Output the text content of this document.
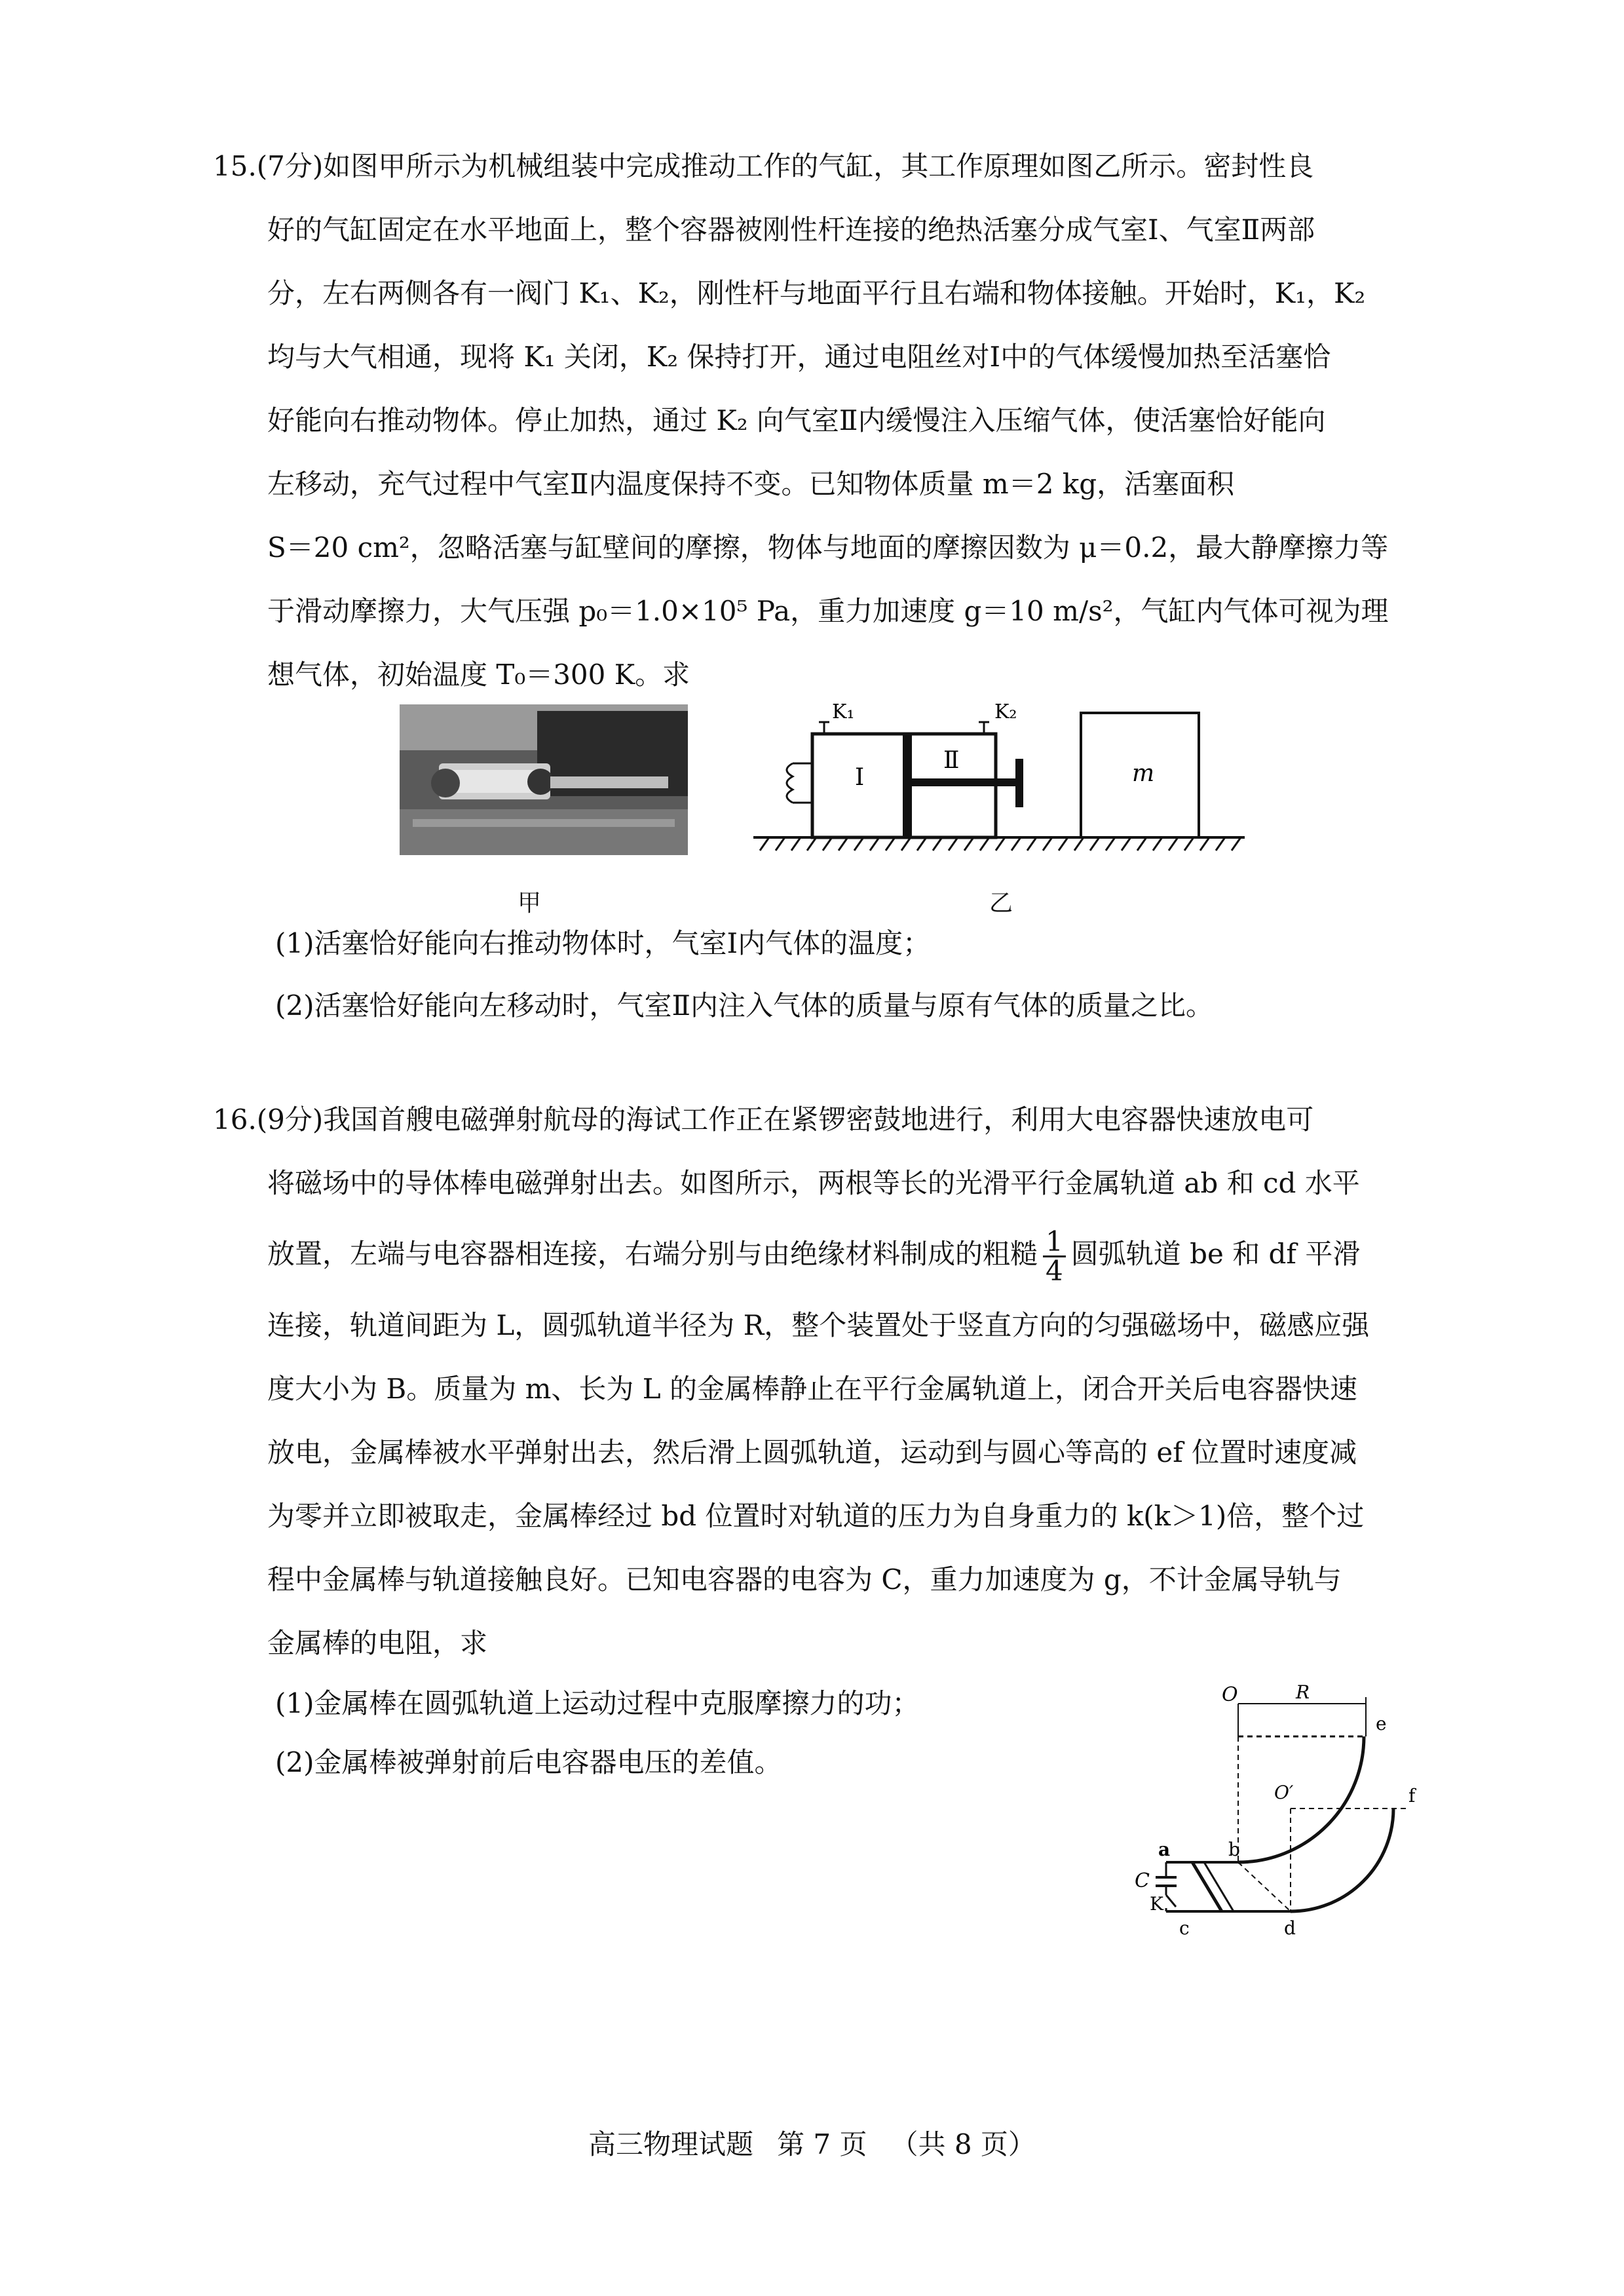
15.(7分)如图甲所示为机械组装中完成推动工作的气缸，其工作原理如图乙所示。密封性良
好的气缸固定在水平地面上，整个容器被刚性杆连接的绝热活塞分成气室Ⅰ、气室Ⅱ两部
分，左右两侧各有一阀门 K₁、K₂，刚性杆与地面平行且右端和物体接触。开始时，K₁，K₂
均与大气相通，现将 K₁ 关闭，K₂ 保持打开，通过电阻丝对Ⅰ中的气体缓慢加热至活塞恰
好能向右推动物体。停止加热，通过 K₂ 向气室Ⅱ内缓慢注入压缩气体，使活塞恰好能向
左移动，充气过程中气室Ⅱ内温度保持不变。已知物体质量 m＝2 kg，活塞面积
S＝20 cm²，忽略活塞与缸壁间的摩擦，物体与地面的摩擦因数为 μ＝0.2，最大静摩擦力等
于滑动摩擦力，大气压强 p₀＝1.0×10⁵ Pa，重力加速度 g＝10 m/s²，气缸内气体可视为理
想气体，初始温度 T₀＝300 K。求
甲
K₁	K₂
Ⅰ
Ⅱ	m
乙
(1)活塞恰好能向右推动物体时，气室Ⅰ内气体的温度；
(2)活塞恰好能向左移动时，气室Ⅱ内注入气体的质量与原有气体的质量之比。
16.(9分)我国首艘电磁弹射航母的海试工作正在紧锣密鼓地进行，利用大电容器快速放电可
将磁场中的导体棒电磁弹射出去。如图所示，两根等长的光滑平行金属轨道 ab 和 cd 水平
放置，左端与电容器相连接，右端分别与由绝缘材料制成的粗糙 $\frac{1}{4}$ 圆弧轨道 be 和 df 平滑
连接，轨道间距为 L，圆弧轨道半径为 R，整个装置处于竖直方向的匀强磁场中，磁感应强
度大小为 B。质量为 m、长为 L 的金属棒静止在平行金属轨道上，闭合开关后电容器快速
放电，金属棒被水平弹射出去，然后滑上圆弧轨道，运动到与圆心等高的 ef 位置时速度减
为零并立即被取走，金属棒经过 bd 位置时对轨道的压力为自身重力的 k(k＞1)倍，整个过
程中金属棒与轨道接触良好。已知电容器的电容为 C，重力加速度为 g，不计金属导轨与
金属棒的电阻，求
(1)金属棒在圆弧轨道上运动过程中克服摩擦力的功；
(2)金属棒被弹射前后电容器电压的差值。
O	R
e
O′	f
a	b
C
K
c	d
高三物理试题 第 7 页 （共 8 页）
